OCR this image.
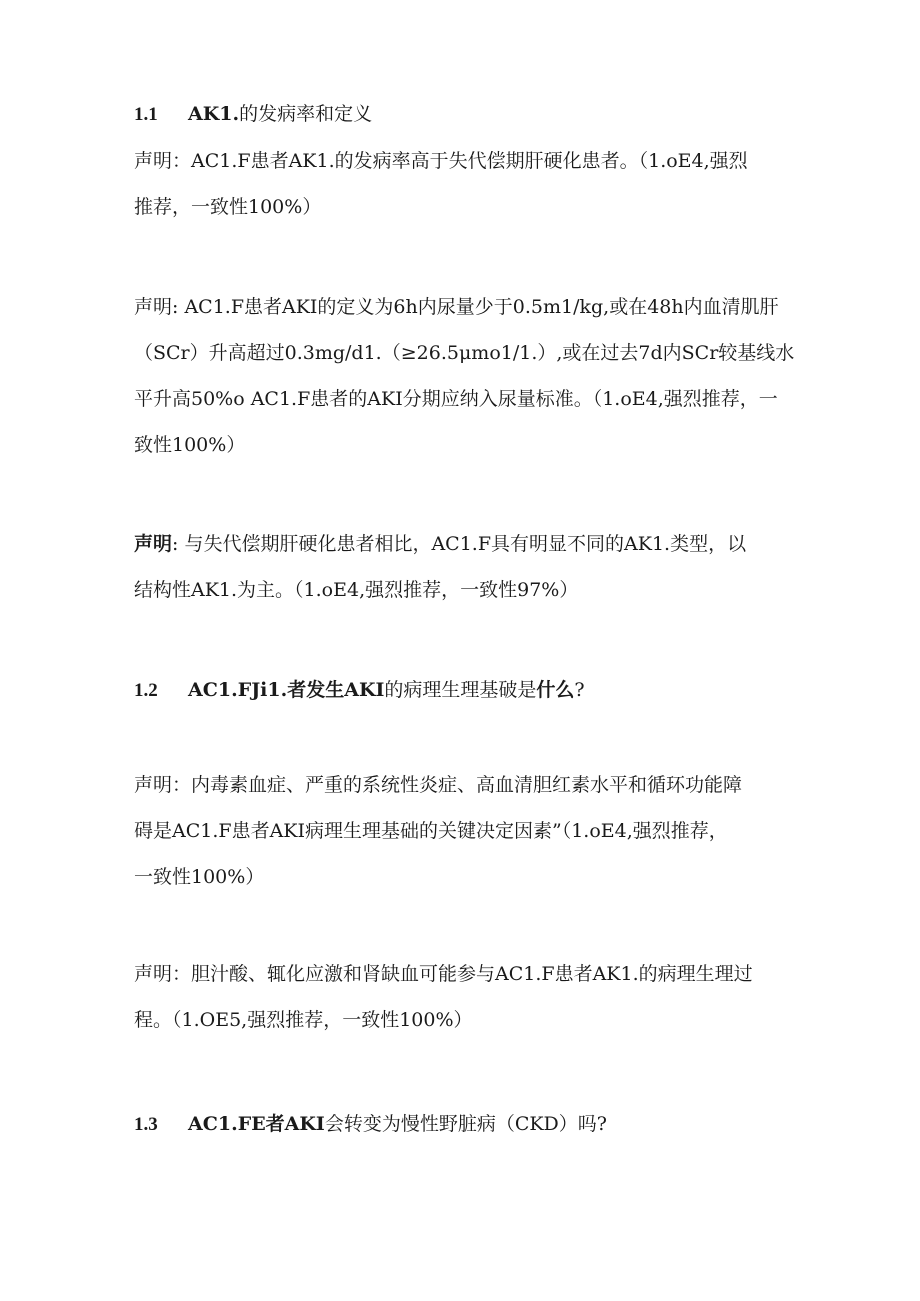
1.1 AK1.的发病率和定义

声明：AC1.F患者AK1.的发病率高于失代偿期肝硬化患者。（1.oE4,强烈
推荐，一致性100%）

声明: AC1.F患者AKI的定义为6h内尿量少于0.5m1∕kg,或在48h内血清肌肝
（SCr）升高超过0.3mg∕d1.（≥26.5μmo1∕1.）,或在过去7d内SCr较基线水
平升高50%o AC1.F患者的AKI分期应纳入尿量标准。（1.oE4,强烈推荐，一
致性100%）

声明: 与失代偿期肝硬化患者相比，AC1.F具有明显不同的AK1.类型，以
结构性AK1.为主。（1.oE4,强烈推荐，一致性97%）

1.2 AC1.FJi1.者发生AKI的病理生理基破是什么?

声明：内毒素血症、严重的系统性炎症、高血清胆红素水平和循环功能障
碍是AC1.F患者AKI病理生理基础的关键决定因素”（1.oE4,强烈推荐，
一致性100%）

声明：胆汁酸、辄化应激和肾缺血可能参与AC1.F患者AK1.的病理生理过
程。（1.OE5,强烈推荐，一致性100%）

1.3 AC1.FE者AKI会转变为慢性野脏病（CKD）吗?
